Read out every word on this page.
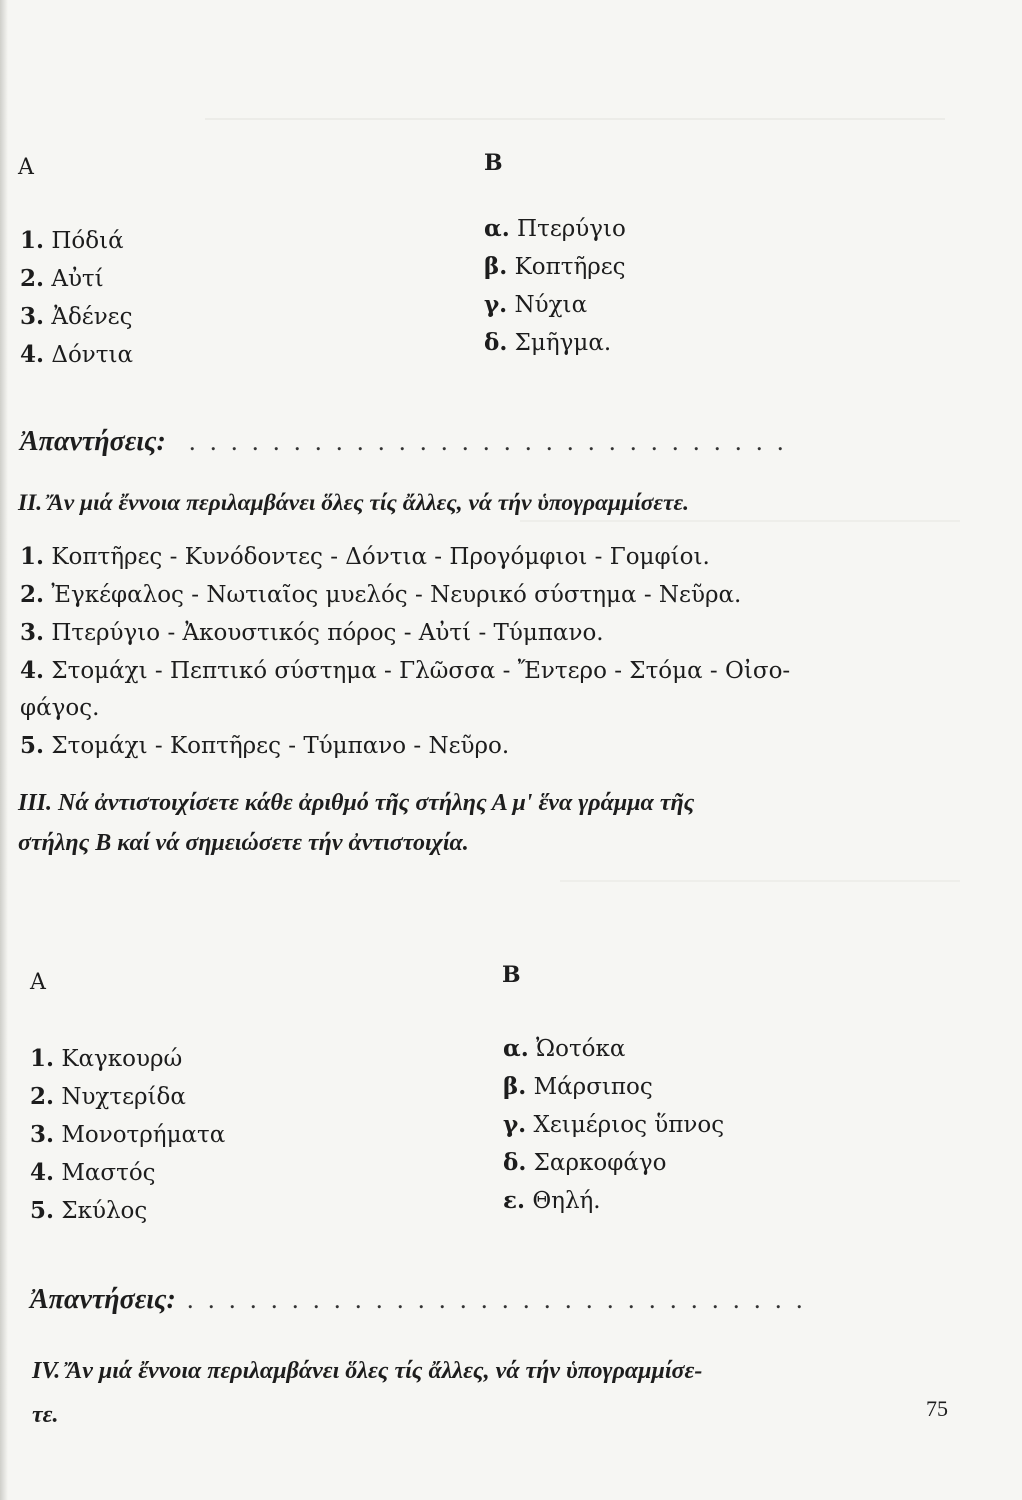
A	B
1. Πόδιά
2. Αὐτί
3. Ἀδένες
4. Δόντια
α. Πτερύγιο
β. Κοπτῆρες
γ. Νύχια
δ. Σμῆγμα.
Ἀπαντήσεις: . . . . . . . . . . . . . . . . . . . . . . . . . . . . .
ΙΙ. Ἄν μιά ἔννοια περιλαμβάνει ὅλες τίς ἄλλες, νά τήν ὑπογραμμίσετε.
1. Κοπτῆρες - Κυνόδοντες - Δόντια - Προγόμφιοι - Γομφίοι.
2. Ἐγκέφαλος - Νωτιαῖος μυελός - Νευρικό σύστημα - Νεῦρα.
3. Πτερύγιο - Ἀκουστικός πόρος - Αὐτί - Τύμπανο.
4. Στομάχι - Πεπτικό σύστημα - Γλῶσσα - Ἔντερο - Στόμα - Οἰσο-
φάγος.
5. Στομάχι - Κοπτῆρες - Τύμπανο - Νεῦρο.
ΙΙΙ. Νά ἀντιστοιχίσετε κάθε ἀριθμό τῆς στήλης Α μ' ἕνα γράμμα τῆς
στήλης Β καί νά σημειώσετε τήν ἀντιστοιχία.
A	B
1. Καγκουρώ
2. Νυχτερίδα
3. Μονοτρήματα
4. Μαστός
5. Σκύλος
α. Ὠοτόκα
β. Μάρσιπος
γ. Χειμέριος ὕπνος
δ. Σαρκοφάγο
ε. Θηλή.
Ἀπαντήσεις: . . . . . . . . . . . . . . . . . . . . . . . . . . . . . .
ΙV. Ἄν μιά ἔννοια περιλαμβάνει ὅλες τίς ἄλλες, νά τήν ὑπογραμμίσε-
τε.	75
